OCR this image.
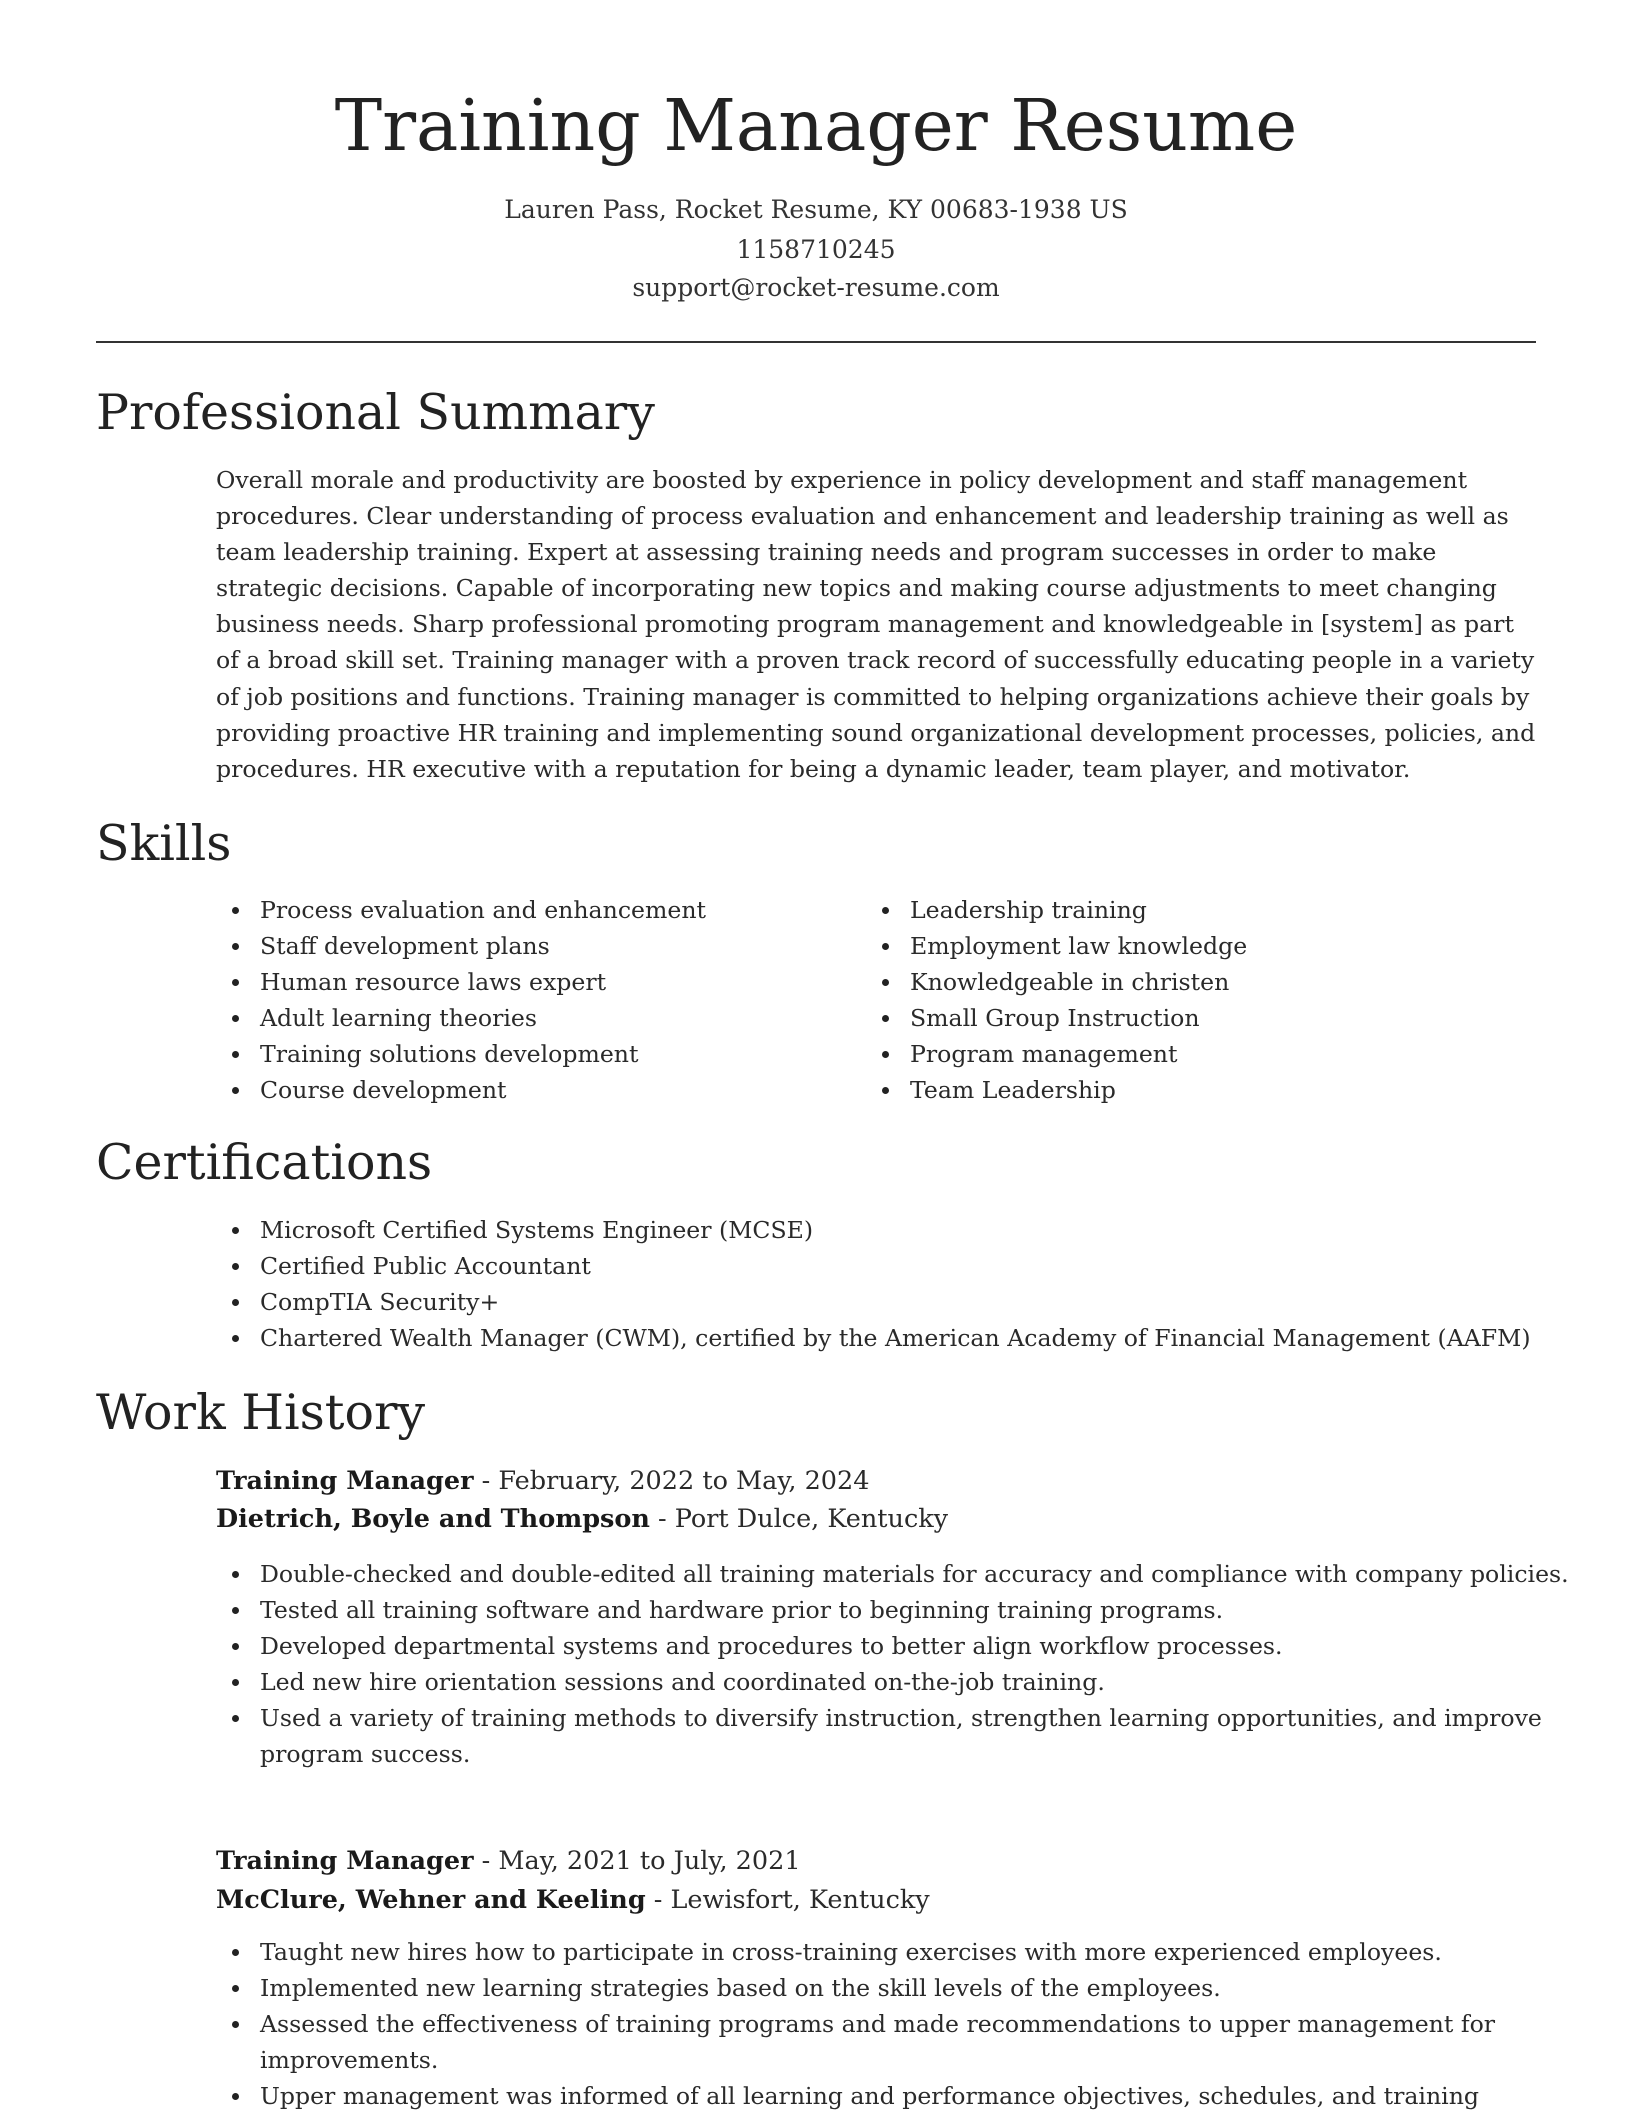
Training Manager Resume
Lauren Pass, Rocket Resume, KY 00683-1938 US
1158710245
support@rocket-resume.com
Professional Summary

Overall morale and productivity are boosted by experience in policy development and staff management procedures. Clear understanding of process evaluation and enhancement and leadership training as well as team leadership training. Expert at assessing training needs and program successes in order to make strategic decisions. Capable of incorporating new topics and making course adjustments to meet changing business needs. Sharp professional promoting program management and knowledgeable in [system] as part of a broad skill set. Training manager with a proven track record of successfully educating people in a variety of job positions and functions. Training manager is committed to helping organizations achieve their goals by providing proactive HR training and implementing sound organizational development processes, policies, and procedures. HR executive with a reputation for being a dynamic leader, team player, and motivator.

Skills
Process evaluation and enhancement
Staff development plans
Human resource laws expert
Adult learning theories
Training solutions development
Course development
Leadership training
Employment law knowledge
Knowledgeable in christen
Small Group Instruction
Program management
Team Leadership
Certifications
Microsoft Certified Systems Engineer (MCSE)
Certified Public Accountant
CompTIA Security+
Chartered Wealth Manager (CWM), certified by the American Academy of Financial Management (AAFM)
Work History
Training Manager - February, 2022 to May, 2024
Dietrich, Boyle and Thompson - Port Dulce, Kentucky
Double-checked and double-edited all training materials for accuracy and compliance with company policies.
Tested all training software and hardware prior to beginning training programs.
Developed departmental systems and procedures to better align workflow processes.
Led new hire orientation sessions and coordinated on-the-job training.
Used a variety of training methods to diversify instruction, strengthen learning opportunities, and improve program success.
Training Manager - May, 2021 to July, 2021
McClure, Wehner and Keeling - Lewisfort, Kentucky
Taught new hires how to participate in cross-training exercises with more experienced employees.
Implemented new learning strategies based on the skill levels of the employees.
Assessed the effectiveness of training programs and made recommendations to upper management for improvements.
Upper management was informed of all learning and performance objectives, schedules, and training
